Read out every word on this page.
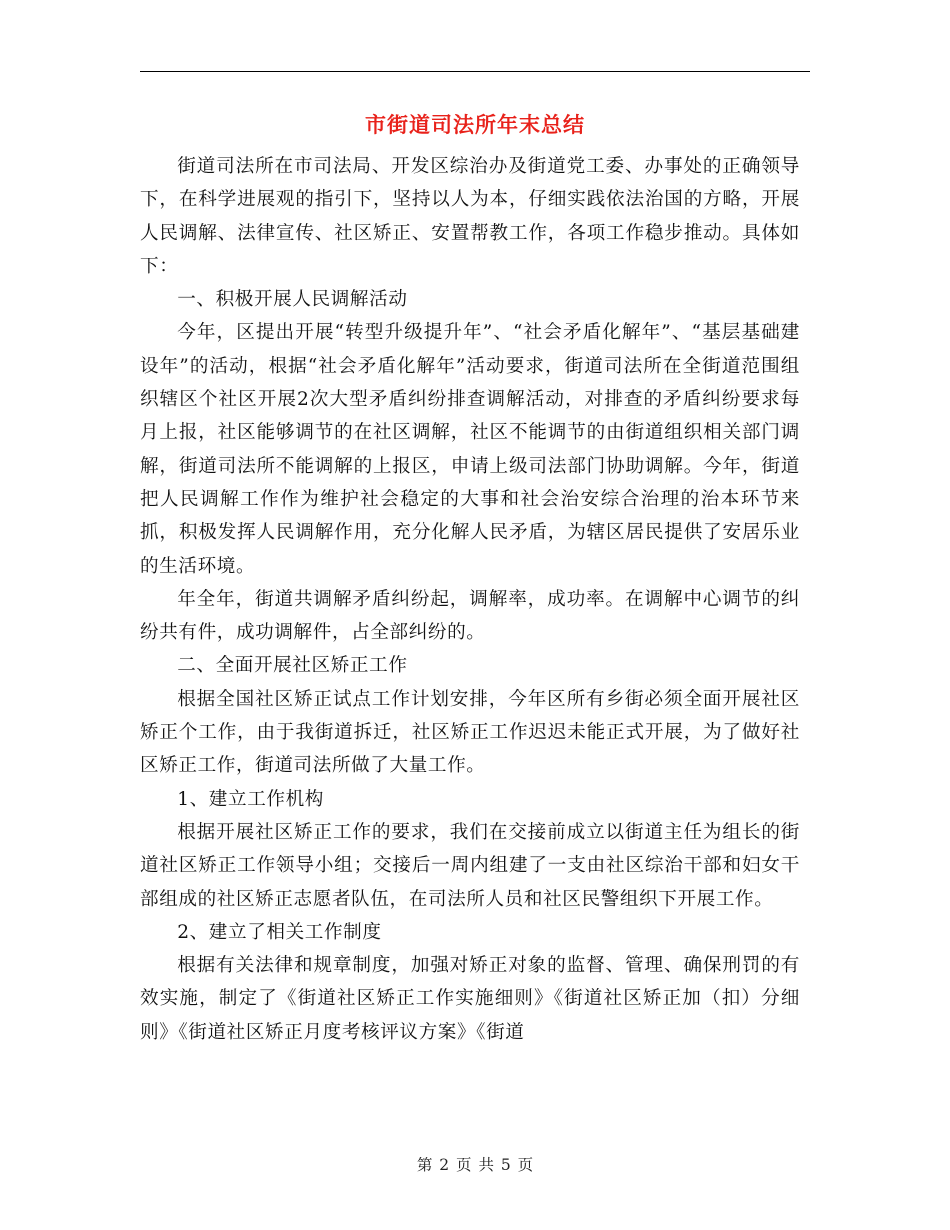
市街道司法所年末总结

街道司法所在市司法局、开发区综治办及街道党工委、办事处的正确领导下，在科学进展观的指引下，坚持以人为本，仔细实践依法治国的方略，开展人民调解、法律宣传、社区矫正、安置帮教工作，各项工作稳步推动。具体如下：

一、积极开展人民调解活动

今年，区提出开展“转型升级提升年”、“社会矛盾化解年”、“基层基础建设年”的活动，根据“社会矛盾化解年”活动要求，街道司法所在全街道范围组织辖区个社区开展2次大型矛盾纠纷排查调解活动，对排查的矛盾纠纷要求每月上报，社区能够调节的在社区调解，社区不能调节的由街道组织相关部门调解，街道司法所不能调解的上报区，申请上级司法部门协助调解。今年，街道把人民调解工作作为维护社会稳定的大事和社会治安综合治理的治本环节来抓，积极发挥人民调解作用，充分化解人民矛盾，为辖区居民提供了安居乐业的生活环境。

年全年，街道共调解矛盾纠纷起，调解率，成功率。在调解中心调节的纠纷共有件，成功调解件，占全部纠纷的。

二、全面开展社区矫正工作

根据全国社区矫正试点工作计划安排，今年区所有乡街必须全面开展社区矫正个工作，由于我街道拆迁，社区矫正工作迟迟未能正式开展，为了做好社区矫正工作，街道司法所做了大量工作。

1、建立工作机构

根据开展社区矫正工作的要求，我们在交接前成立以街道主任为组长的街道社区矫正工作领导小组；交接后一周内组建了一支由社区综治干部和妇女干部组成的社区矫正志愿者队伍，在司法所人员和社区民警组织下开展工作。

2、建立了相关工作制度

根据有关法律和规章制度，加强对矫正对象的监督、管理、确保刑罚的有效实施，制定了《街道社区矫正工作实施细则》《街道社区矫正加（扣）分细则》《街道社区矫正月度考核评议方案》《街道

第 2 页 共 5 页
